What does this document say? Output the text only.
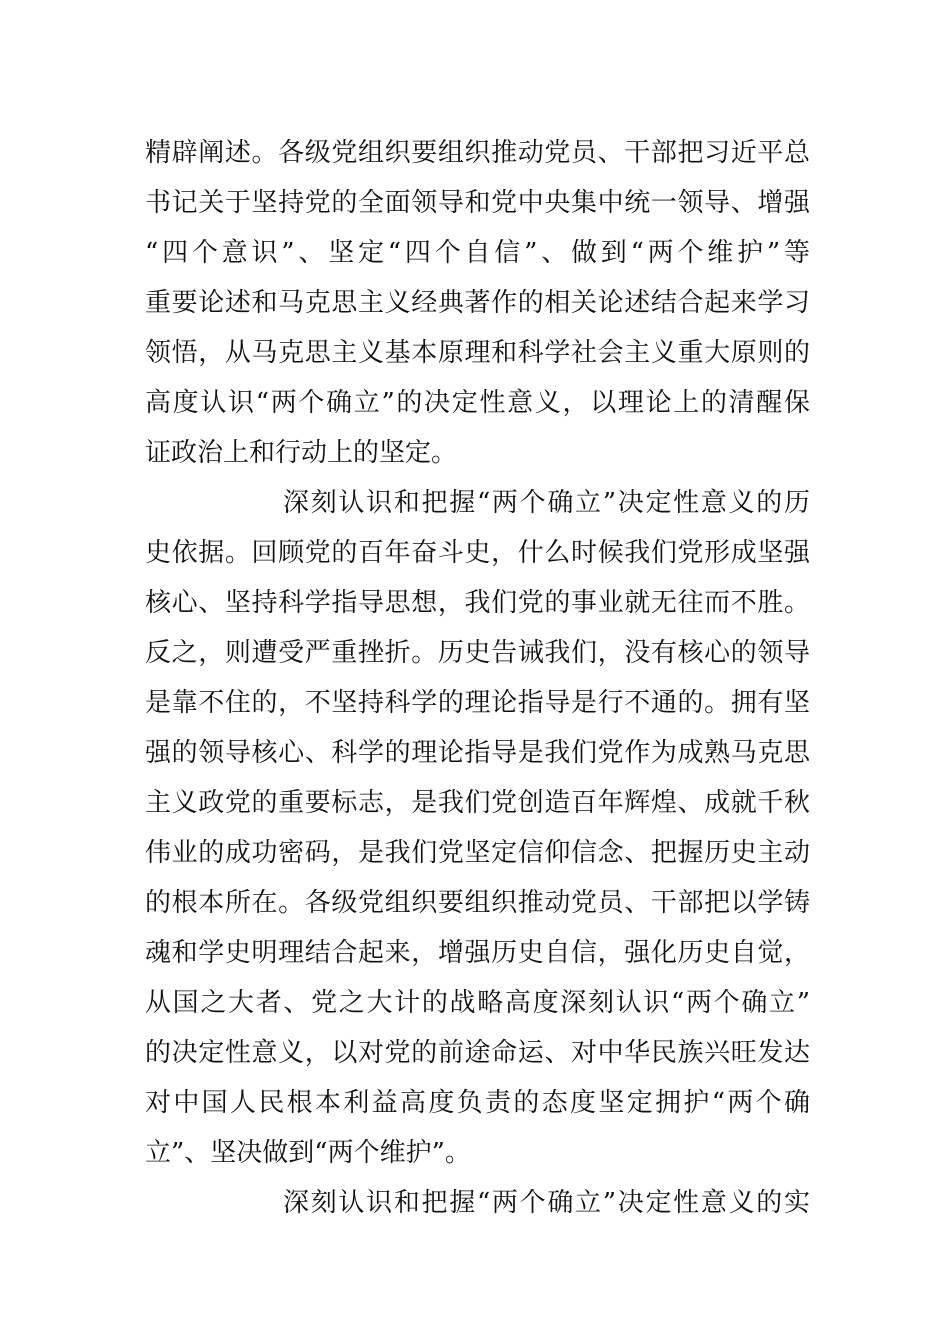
精辟阐述。各级党组织要组织推动党员、干部把习近平总
书记关于坚持党的全面领导和党中央集中统一领导、增强
“四个意识”、坚定“四个自信”、做到“两个维护”等
重要论述和马克思主义经典著作的相关论述结合起来学习
领悟，从马克思主义基本原理和科学社会主义重大原则的
高度认识“两个确立”的决定性意义，以理论上的清醒保
证政治上和行动上的坚定。
深刻认识和把握“两个确立”决定性意义的历
史依据。回顾党的百年奋斗史，什么时候我们党形成坚强
核心、坚持科学指导思想，我们党的事业就无往而不胜。
反之，则遭受严重挫折。历史告诫我们，没有核心的领导
是靠不住的，不坚持科学的理论指导是行不通的。拥有坚
强的领导核心、科学的理论指导是我们党作为成熟马克思
主义政党的重要标志，是我们党创造百年辉煌、成就千秋
伟业的成功密码，是我们党坚定信仰信念、把握历史主动
的根本所在。各级党组织要组织推动党员、干部把以学铸
魂和学史明理结合起来，增强历史自信，强化历史自觉，
从国之大者、党之大计的战略高度深刻认识“两个确立”
的决定性意义，以对党的前途命运、对中华民族兴旺发达
对中国人民根本利益高度负责的态度坚定拥护“两个确
立”、坚决做到“两个维护”。
深刻认识和把握“两个确立”决定性意义的实
